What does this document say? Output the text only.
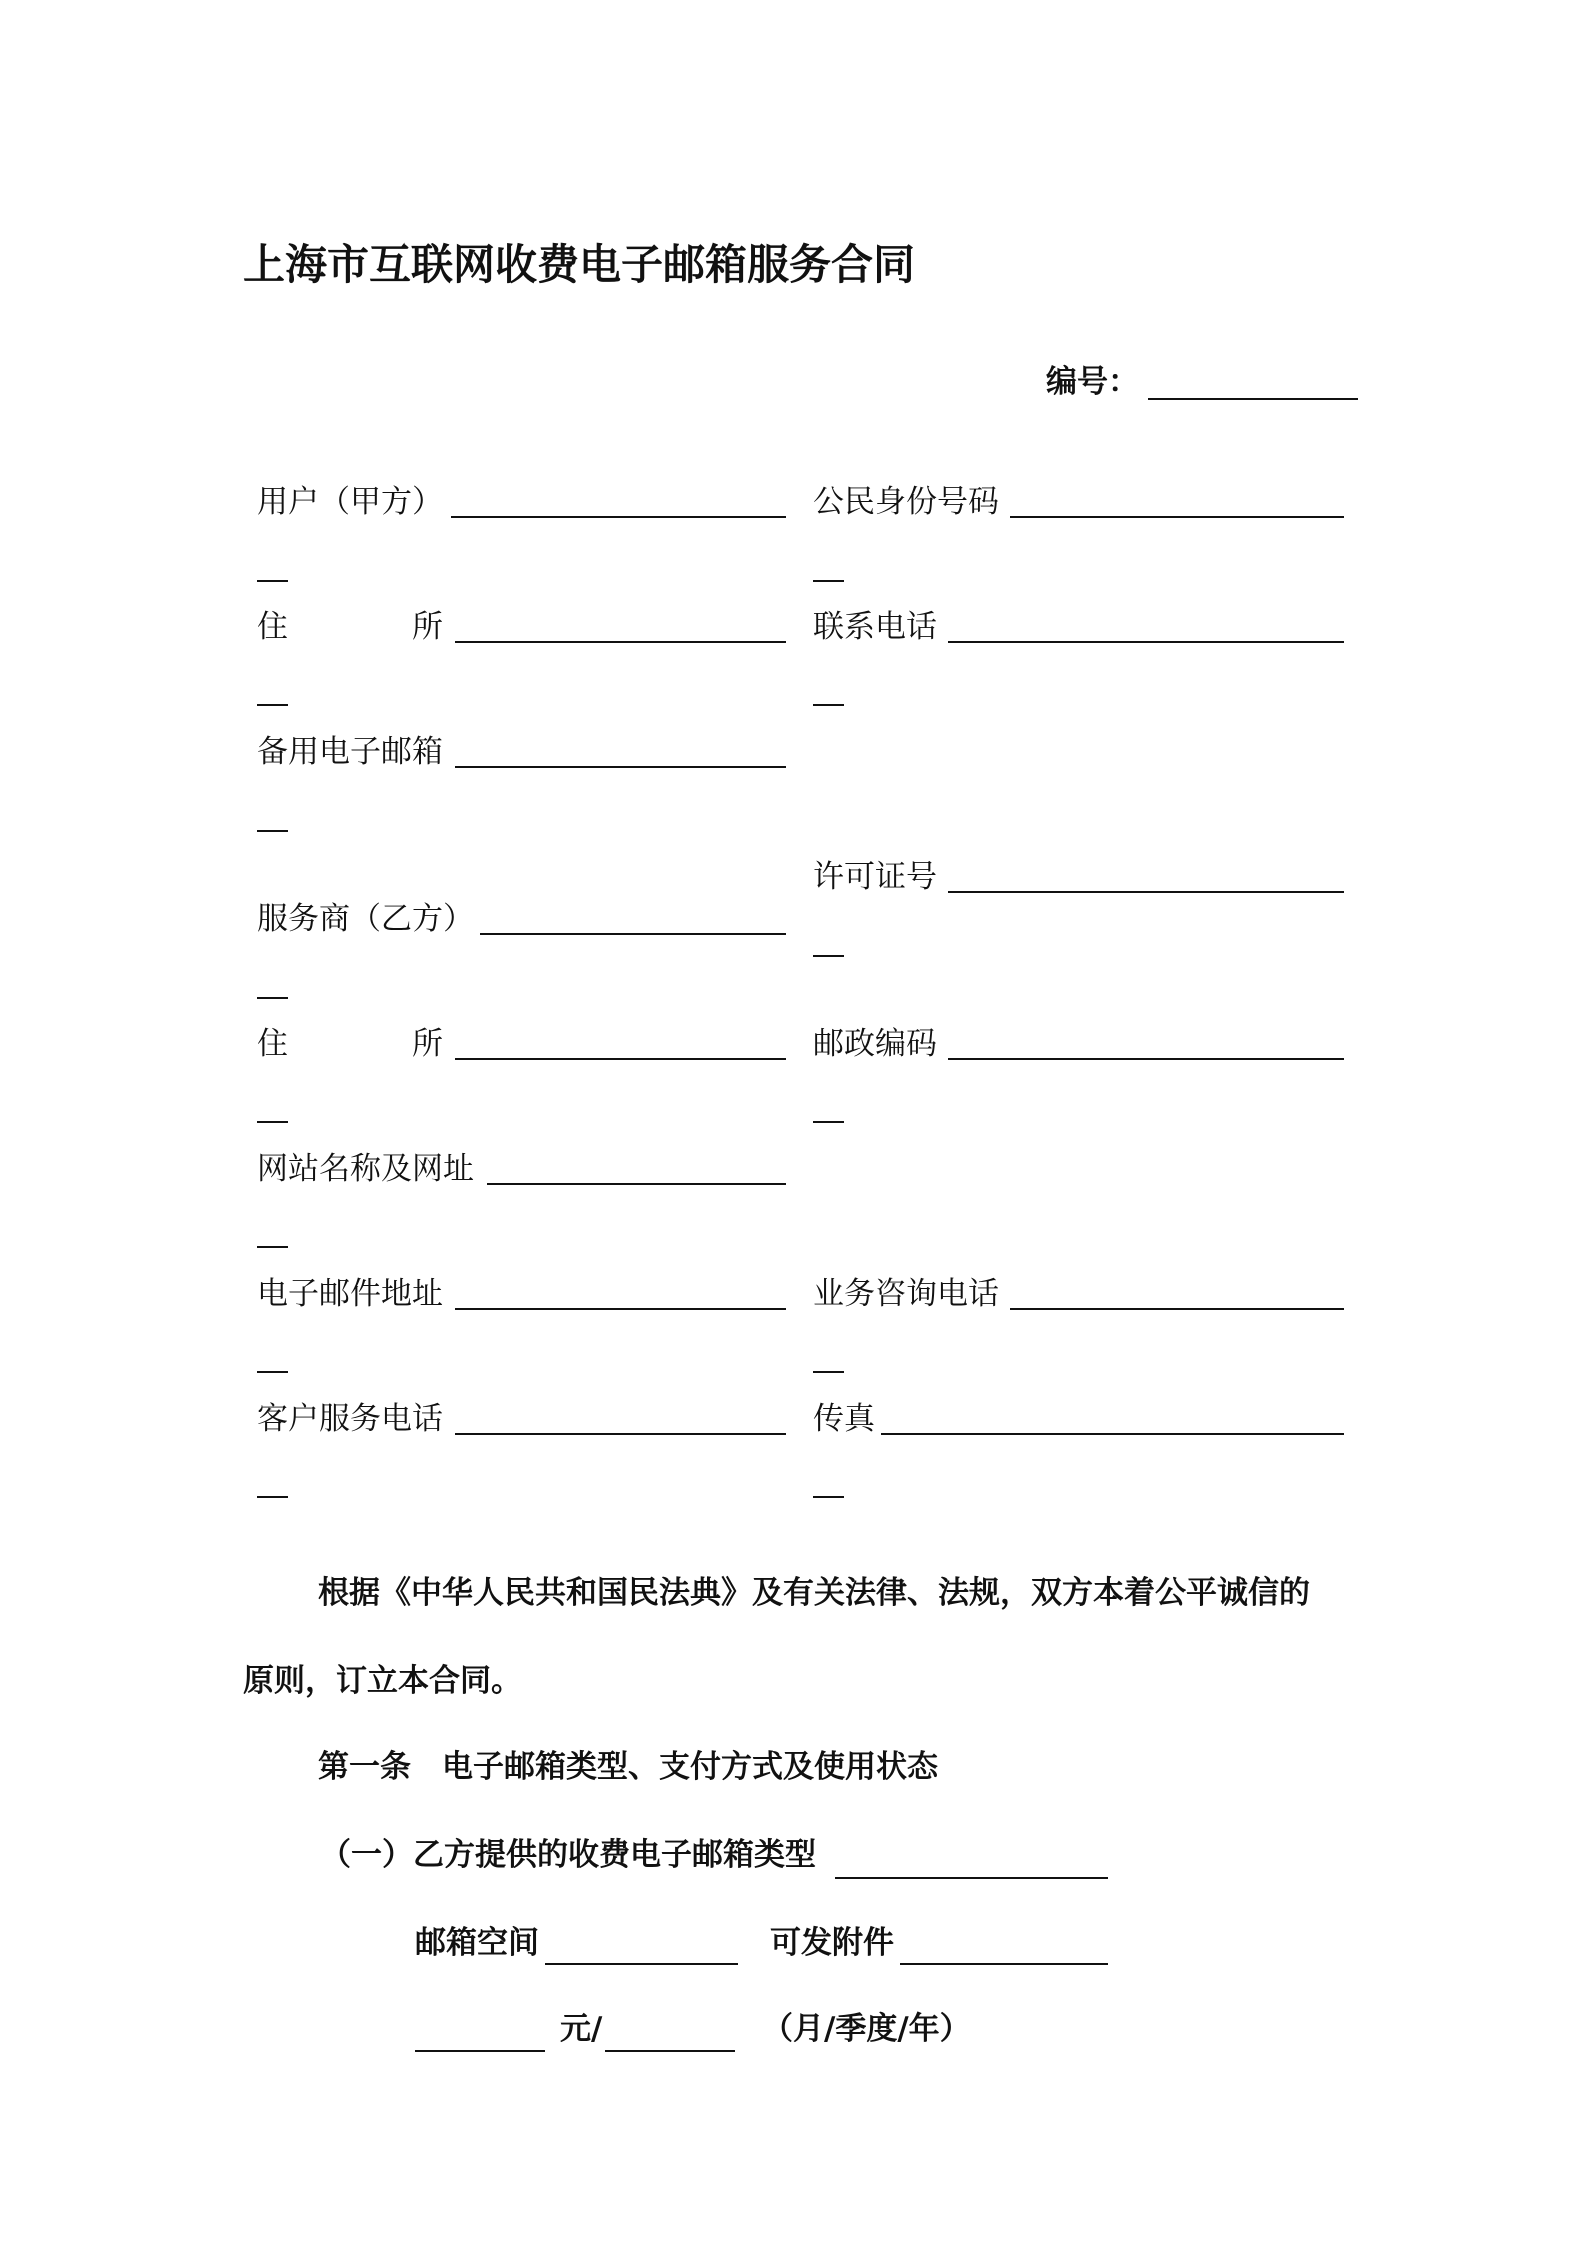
上海市互联网收费电子邮箱服务合同
编号：
用户（甲方）	公民身份号码
住　　　　所	联系电话
备用电子邮箱
许可证号
服务商（乙方）
住　　　　所	邮政编码
网站名称及网址
电子邮件地址	业务咨询电话
客户服务电话	传真
根据《中华人民共和国民法典》及有关法律、法规，双方本着公平诚信的
原则，订立本合同。
第一条　电子邮箱类型、支付方式及使用状态
（一）乙方提供的收费电子邮箱类型
邮箱空间	可发附件
元/	（月/季度/年）
